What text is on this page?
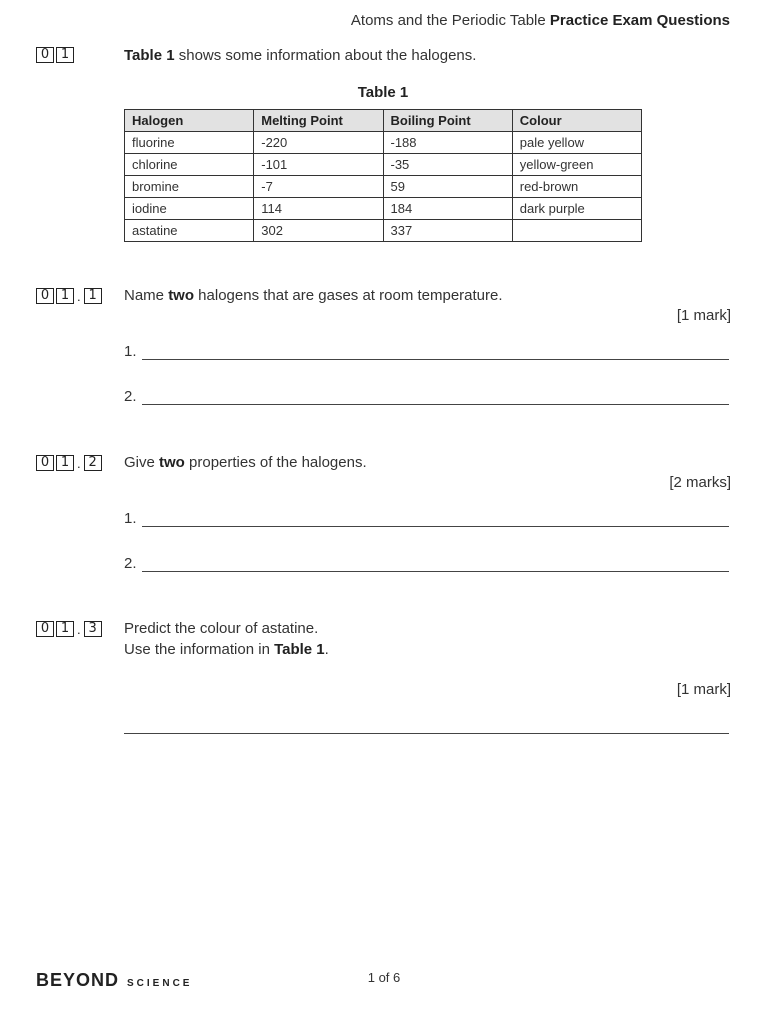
Atoms and the Periodic Table Practice Exam Questions
0 1	Table 1 shows some information about the halogens.
Table 1
Halogen	Melting Point	Boiling Point	Colour
fluorine	-220	-188	pale yellow
chlorine	-101	-35	yellow-green
bromine	-7	59	red-brown
iodine	114	184	dark purple
astatine	302	337	
0 1 . 1	Name two halogens that are gases at room temperature.
[1 mark]
1.
2.
0 1 . 2	Give two properties of the halogens.
[2 marks]
1.
2.
0 1 . 3	Predict the colour of astatine.
Use the information in Table 1.
[1 mark]
BEYOND SCIENCE	1 of 6
